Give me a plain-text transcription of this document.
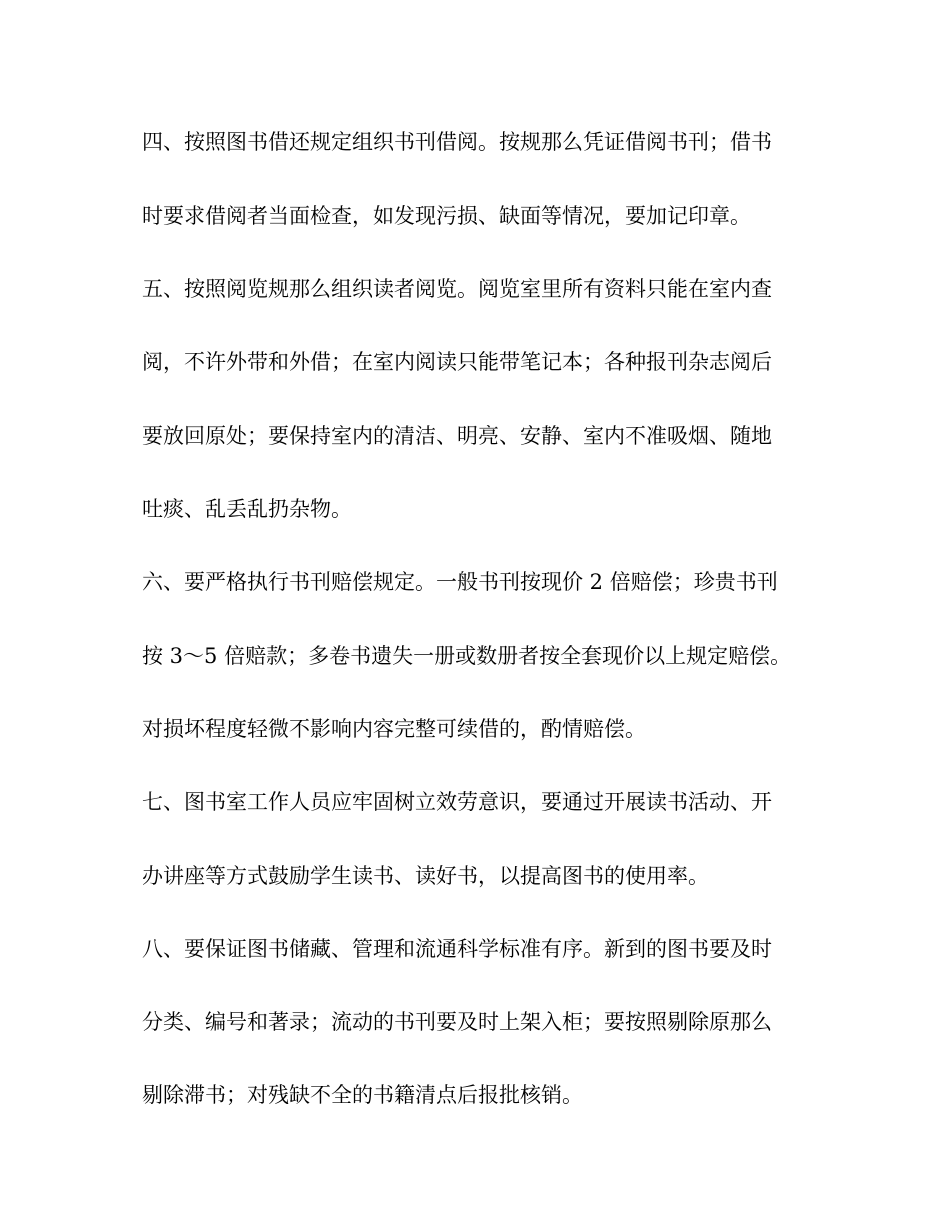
四、按照图书借还规定组织书刊借阅。按规那么凭证借阅书刊；借书
时要求借阅者当面检查，如发现污损、缺面等情况，要加记印章。
五、按照阅览规那么组织读者阅览。阅览室里所有资料只能在室内查
阅，不许外带和外借；在室内阅读只能带笔记本；各种报刊杂志阅后
要放回原处；要保持室内的清洁、明亮、安静、室内不准吸烟、随地
吐痰、乱丢乱扔杂物。
六、要严格执行书刊赔偿规定。一般书刊按现价 2 倍赔偿；珍贵书刊
按 3～5 倍赔款；多卷书遗失一册或数册者按全套现价以上规定赔偿。
对损坏程度轻微不影响内容完整可续借的，酌情赔偿。
七、图书室工作人员应牢固树立效劳意识，要通过开展读书活动、开
办讲座等方式鼓励学生读书、读好书，以提高图书的使用率。
八、要保证图书储藏、管理和流通科学标准有序。新到的图书要及时
分类、编号和著录；流动的书刊要及时上架入柜；要按照剔除原那么
剔除滞书；对残缺不全的书籍清点后报批核销。
